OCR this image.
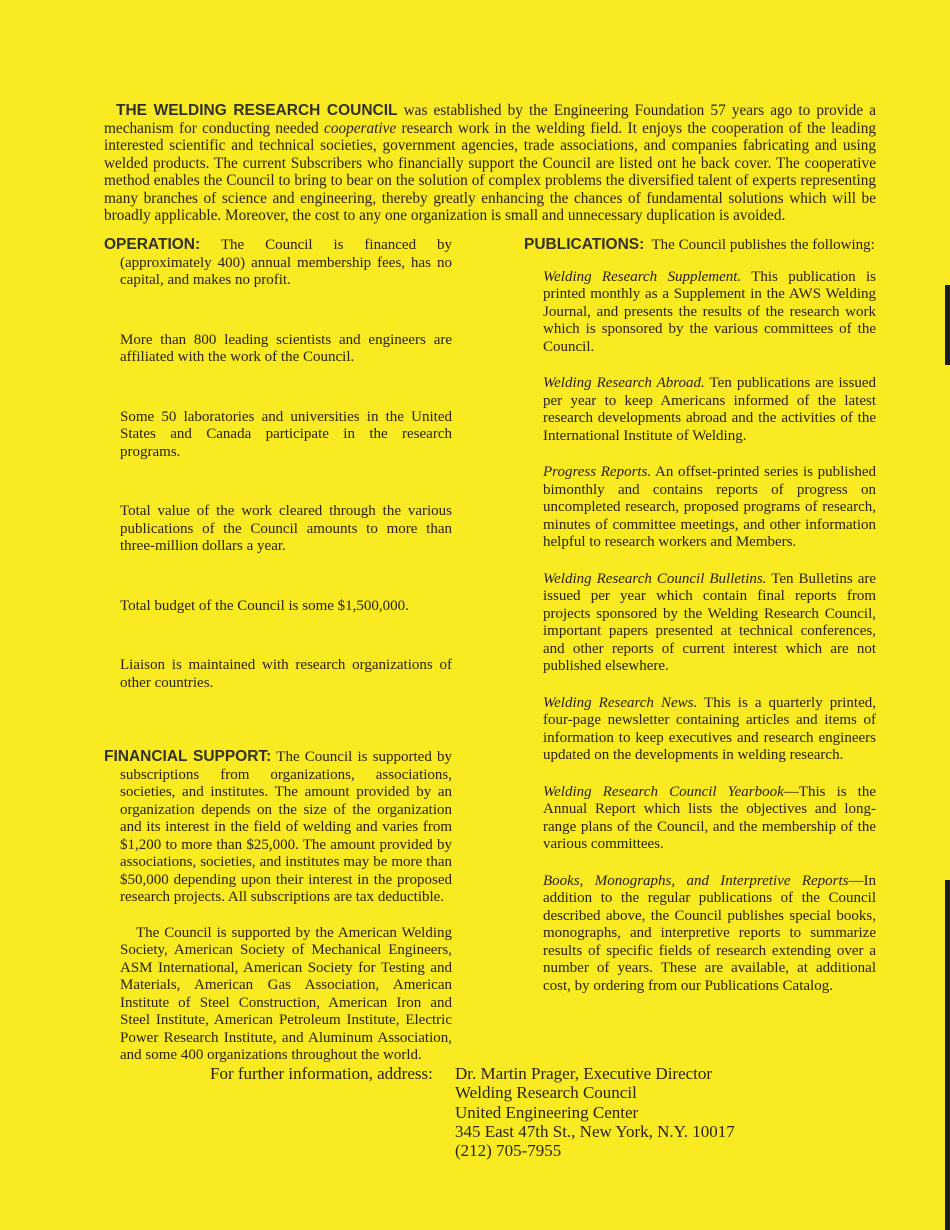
THE WELDING RESEARCH COUNCIL was established by the Engineering Foundation 57 years ago to provide a mechanism for conducting needed cooperative research work in the welding field. It enjoys the cooperation of the leading interested scientific and technical societies, government agencies, trade associations, and companies fabricating and using welded products. The current Subscribers who financially support the Council are listed ont he back cover. The cooperative method enables the Council to bring to bear on the solution of complex problems the diversified talent of experts representing many branches of science and engineering, thereby greatly enhancing the chances of fundamental solutions which will be broadly applicable. Moreover, the cost to any one organization is small and unnecessary duplication is avoided.

OPERATION: The Council is financed by (approximately 400) annual membership fees, has no capital, and makes no profit.

More than 800 leading scientists and engineers are affiliated with the work of the Council.

Some 50 laboratories and universities in the United States and Canada participate in the research programs.

Total value of the work cleared through the various publications of the Council amounts to more than three-million dollars a year.

Total budget of the Council is some $1,500,000.

Liaison is maintained with research organizations of other countries.

FINANCIAL SUPPORT: The Council is supported by subscriptions from organizations, associations, societies, and institutes. The amount provided by an organization depends on the size of the organization and its interest in the field of welding and varies from $1,200 to more than $25,000. The amount provided by associations, societies, and institutes may be more than $50,000 depending upon their interest in the proposed research projects. All subscriptions are tax deductible.

The Council is supported by the American Welding Society, American Society of Mechanical Engineers, ASM International, American Society for Testing and Materials, American Gas Association, American Institute of Steel Construction, American Iron and Steel Institute, American Petroleum Institute, Electric Power Research Institute, and Aluminum Association, and some 400 organizations throughout the world.

PUBLICATIONS: The Council publishes the following:

Welding Research Supplement. This publication is printed monthly as a Supplement in the AWS Welding Journal, and presents the results of the research work which is sponsored by the various committees of the Council.

Welding Research Abroad. Ten publications are issued per year to keep Americans informed of the latest research developments abroad and the activities of the International Institute of Welding.

Progress Reports. An offset-printed series is published bimonthly and contains reports of progress on uncompleted research, proposed programs of research, minutes of committee meetings, and other information helpful to research workers and Members.

Welding Research Council Bulletins. Ten Bulletins are issued per year which contain final reports from projects sponsored by the Welding Research Council, important papers presented at technical conferences, and other reports of current interest which are not published elsewhere.

Welding Research News. This is a quarterly printed, four-page newsletter containing articles and items of information to keep executives and research engineers updated on the developments in welding research.

Welding Research Council Yearbook—This is the Annual Report which lists the objectives and long-range plans of the Council, and the membership of the various committees.

Books, Monographs, and Interpretive Reports—In addition to the regular publications of the Council described above, the Council publishes special books, monographs, and interpretive reports to summarize results of specific fields of research extending over a number of years. These are available, at additional cost, by ordering from our Publications Catalog.

For further information, address: Dr. Martin Prager, Executive Director
Welding Research Council
United Engineering Center
345 East 47th St., New York, N.Y. 10017
(212) 705-7955
